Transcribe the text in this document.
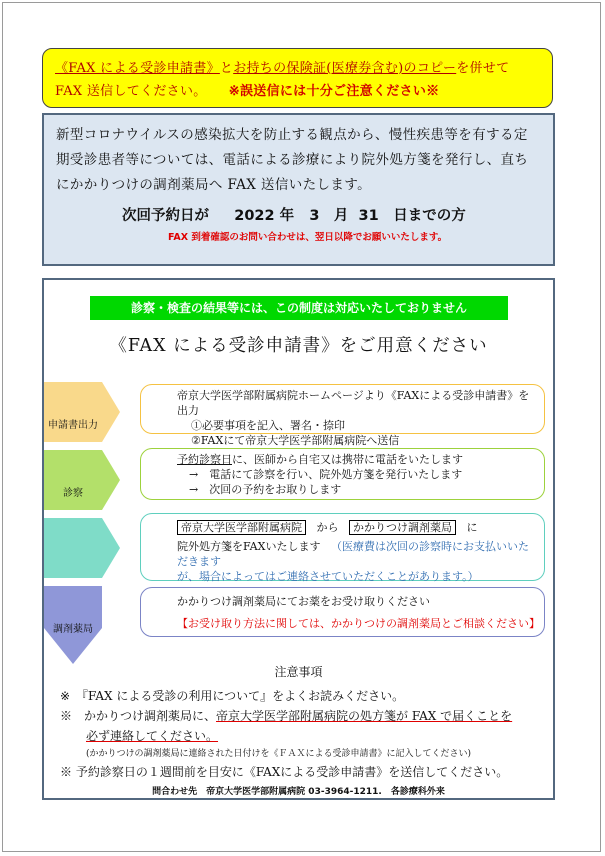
《FAX による受診申請書》とお持ちの保険証(医療券含む)のコピーを併せて
FAX 送信してください。 ※誤送信には十分ご注意ください※
新型コロナウイルスの感染拡大を防止する観点から、慢性疾患等を有する定期受診患者等については、電話による診療により院外処方箋を発行し、直ちにかかりつけの調剤薬局へ FAX 送信いたします。
次回予約日が 2022 年 3　月 31　日までの方
FAX 到着確認のお問い合わせは、翌日以降でお願いいたします。
診察・検査の結果等には、この制度は対応いたしておりません
《FAX による受診申請書》をご用意ください
申請書出力
診察
調剤薬局
帝京大学医学部附属病院ホームページより《FAXによる受診申請書》を出力
①必要事項を記入、署名・捺印
②FAXにて帝京大学医学部附属病院へ送信
予約診察日に、医師から自宅又は携帯に電話をいたします
→　電話にて診察を行い、院外処方箋を発行いたします
→　次回の予約をお取りします
帝京大学医学部附属病院 から かかりつけ調剤薬局 に
院外処方箋をFAXいたします （医療費は次回の診察時にお支払いいただきます
が、場合によってはご連絡させていただくことがあります。）
かかりつけ調剤薬局にてお薬をお受け取りください
【お受け取り方法に関しては、かかりつけの調剤薬局とご相談ください】
注意事項
※　『FAX による受診の利用について』をよくお読みください。
※　かかりつけ調剤薬局に、帝京大学医学部附属病院の処方箋が FAX で届くことを
必ず連絡してください。
(かかりつけの調剤薬局に連絡された日付けを《ＦＡＸによる受診申請書》に記入してください)
※ 予約診察日の１週間前を目安に《FAXによる受診申請書》を送信してください。
問合わせ先　帝京大学医学部附属病院 03-3964-1211.　各診療科外来
